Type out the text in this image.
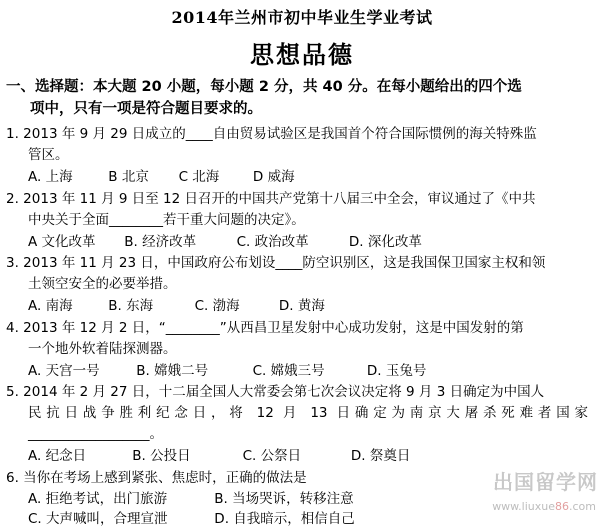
2014年兰州市初中毕业生学业考试
思想品德
一、选择题：本大题 20 小题，每小题 2 分，共 40 分。在每小题给出的四个选
项中，只有一项是符合题目要求的。
1. 2013 年 9 月 29 日成立的____自由贸易试验区是我国首个符合国际惯例的海关特殊监
管区。
A. 上海	B 北京 C 北海 D 威海
2. 2013 年 11 月 9 日至 12 日召开的中国共产党第十八届三中全会，审议通过了《中共
中央关于全面________若干重大问题的决定》。
A 文化改革 B. 经济改革	C. 政治改革	D. 深化改革
3. 2013 年 11 月 23 日，中国政府公布划设____防空识别区，这是我国保卫国家主权和领
土领空安全的必要举措。
A. 南海	B. 东海	C. 渤海	D. 黄海
4. 2013 年 12 月 2 日，“________”从西昌卫星发射中心成功发射，这是中国发射的第
一个地外软着陆探测器。
A. 天宫一号	B. 嫦娥二号	C. 嫦娥三号	D. 玉兔号
5. 2014 年 2 月 27 日，十二届全国人大常委会第七次会议决定将 9 月 3 日确定为中国人
民抗日战争胜利纪念日，将 12 月 13 日确定为南京大屠杀死难者国家
__________________。
A. 纪念日	B. 公投日	C. 公祭日	D. 祭奠日
6. 当你在考场上感到紧张、焦虑时，正确的做法是
A. 拒绝考试，出门旅游	B. 当场哭诉，转移注意
C. 大声喊叫，合理宣泄	D. 自我暗示，相信自己
出国留学网
www.liuxue86.com
